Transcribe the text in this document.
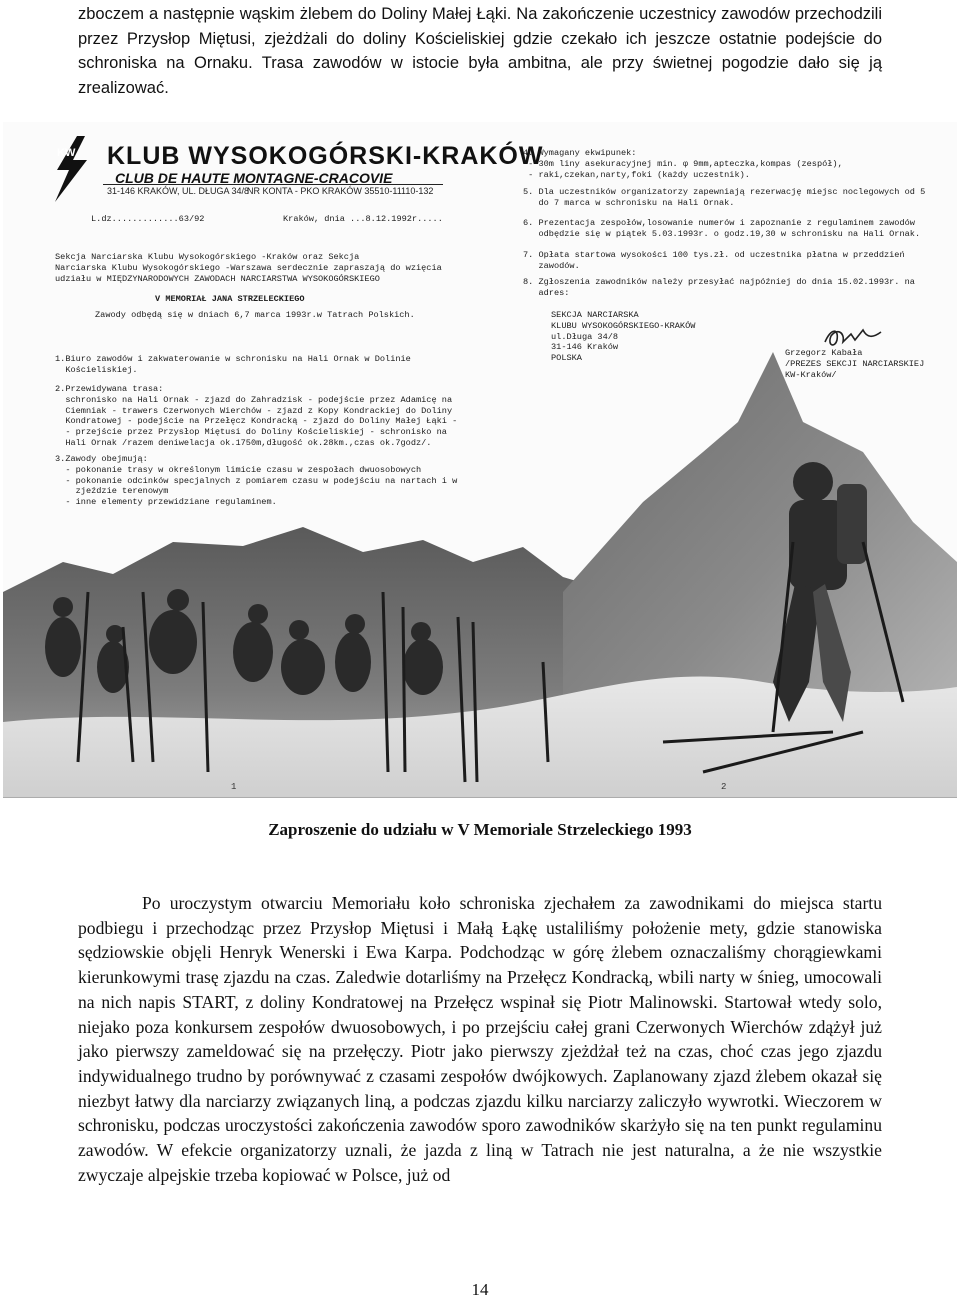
zboczem a następnie wąskim żlebem do Doliny Małej Łąki. Na zakończenie uczestnicy zawodów przechodzili przez Przysłop Miętusi, zjeżdżali do doliny Kościeliskiej gdzie czekało ich jeszcze ostatnie podejście do schroniska na Ornaku. Trasa zawodów w istocie była ambitna, ale przy świetnej pogodzie dało się ją zrealizować.

KW KLUB WYSOKOGÓRSKI-KRAKÓW

CLUB DE HAUTE MONTAGNE-CRACOVIE

31-146 KRAKÓW, UL. DŁUGA 34/8

NR KONTA - PKO KRAKÓW 35510-11110-132

L.dz.............63/92	Kraków, dnia ...8.12.1992r.....

Sekcja Narciarska Klubu Wysokogórskiego -Kraków oraz Sekcja
Narciarska Klubu Wysokogórskiego -Warszawa serdecznie zapraszają do wzięcia
udziału w MIĘDZYNARODOWYCH ZAWODACH NARCIARSTWA WYSOKOGÓRSKIEGO

V MEMORIAŁ JANA STRZELECKIEGO

Zawody odbędą się w dniach 6,7 marca 1993r.w Tatrach Polskich.

1.Biuro zawodów i zakwaterowanie w schronisku na Hali Ornak w Dolinie
Kościeliskiej.

2.Przewidywana trasa:
schronisko na Hali Ornak - zjazd do Zahradzisk - podejście przez Adamicę na
Ciemniak - trawers Czerwonych Wierchów - zjazd z Kopy Kondrackiej do Doliny
Kondratowej - podejście na Przełęcz Kondracką - zjazd do Doliny Małej Łąki -
- przejście przez Przysłop Miętusi do Doliny Kościeliskiej - schronisko na
Hali Ornak /razem deniwelacja ok.1750m,długość ok.28km.,czas ok.7godz/.

3.Zawody obejmują:
- pokonanie trasy w określonym limicie czasu w zespołach dwuosobowych
- pokonanie odcinków specjalnych z pomiarem czasu w podejściu na nartach i w
zjeździe terenowym
- inne elementy przewidziane regulaminem.

4. Wymagany ekwipunek:
- 30m liny asekuracyjnej min. φ 9mm,apteczka,kompas (zespół),
- raki,czekan,narty,foki (każdy uczestnik).

5. Dla uczestników organizatorzy zapewniają rezerwację miejsc noclegowych od 5
do 7 marca w schronisku na Hali Ornak.

6. Prezentacja zespołów,losowanie numerów i zapoznanie z regulaminem zawodów
odbędzie się w piątek 5.03.1993r. o godz.19,30 w schronisku na Hali Ornak.

7. Opłata startowa wysokości 100 tys.zł. od uczestnika płatna w przeddzień
zawodów.

8. Zgłoszenia zawodników należy przesyłać najpóźniej do dnia 15.02.1993r. na
adres:

SEKCJA NARCIARSKA
KLUBU WYSOKOGÓRSKIEGO-KRAKÓW
ul.Długa 34/8
31-146 Kraków
POLSKA

Grzegorz Kabała
/PREZES SEKCJI NARCIARSKIEJ
KW-Kraków/

1	2

Zaproszenie do udziału w V Memoriale Strzeleckiego 1993

Po uroczystym otwarciu Memoriału koło schroniska zjechałem za zawodnikami do miejsca startu podbiegu i przechodząc przez Przysłop Miętusi i Małą Łąkę ustaliliśmy położenie mety, gdzie stanowiska sędziowskie objęli Henryk Wenerski i Ewa Karpa. Podchodząc w górę żlebem oznaczaliśmy chorągiewkami kierunkowymi trasę zjazdu na czas. Zaledwie dotarliśmy na Przełęcz Kondracką, wbili narty w śnieg, umocowali na nich napis START, z doliny Kondratowej na Przełęcz wspinał się Piotr Malinowski. Startował wtedy solo, niejako poza konkursem zespołów dwuosobowych, i po przejściu całej grani Czerwonych Wierchów zdążył już jako pierwszy zameldować się na przełęczy. Piotr jako pierwszy zjeżdżał też na czas, choć czas jego zjazdu indywidualnego trudno by porównywać z czasami zespołów dwójkowych. Zaplanowany zjazd żlebem okazał się niezbyt łatwy dla narciarzy związanych liną, a podczas zjazdu kilku narciarzy zaliczyło wywrotki. Wieczorem w schronisku, podczas uroczystości zakończenia zawodów sporo zawodników skarżyło się na ten punkt regulaminu zawodów. W efekcie organizatorzy uznali, że jazda z liną w Tatrach nie jest naturalna, a że nie wszystkie zwyczaje alpejskie trzeba kopiować w Polsce, już od

14
